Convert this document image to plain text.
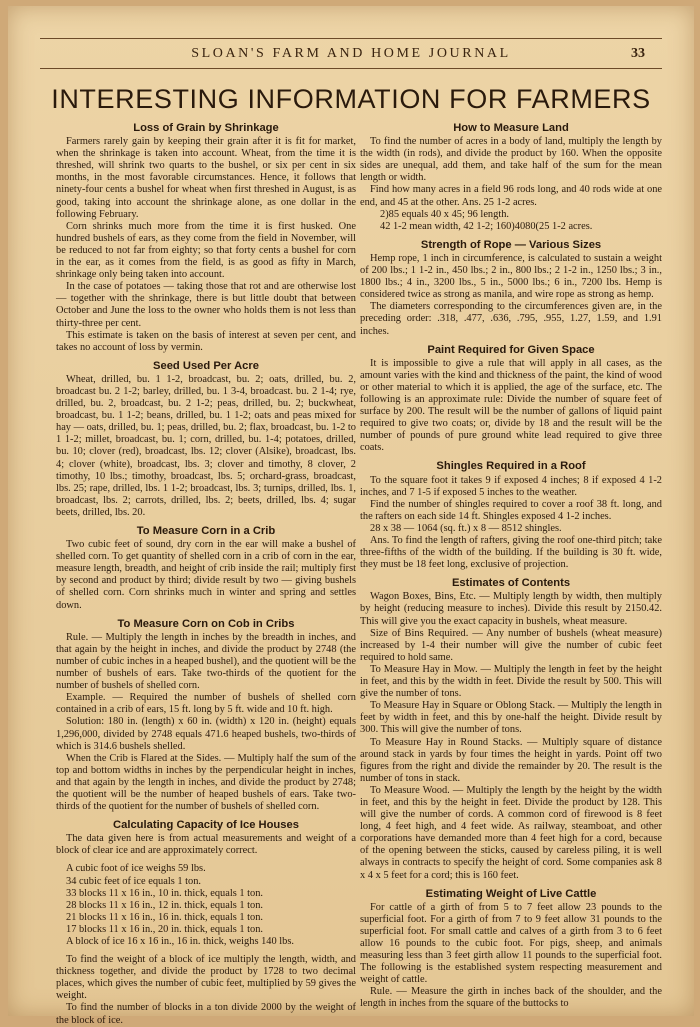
SLOAN'S FARM AND HOME JOURNAL	33
INTERESTING INFORMATION FOR FARMERS
Loss of Grain by Shrinkage

Farmers rarely gain by keeping their grain after it is fit for market, when the shrinkage is taken into account. Wheat, from the time it is threshed, will shrink two quarts to the bushel, or six per cent in six months, in the most favorable circumstances. Hence, it follows that ninety-four cents a bushel for wheat when first threshed in August, is as good, taking into account the shrinkage alone, as one dollar in the following February.

Corn shrinks much more from the time it is first husked. One hundred bushels of ears, as they come from the field in November, will be reduced to not far from eighty; so that forty cents a bushel for corn in the ear, as it comes from the field, is as good as fifty in March, shrinkage only being taken into account.

In the case of potatoes — taking those that rot and are otherwise lost — together with the shrinkage, there is but little doubt that between October and June the loss to the owner who holds them is not less than thirty-three per cent.

This estimate is taken on the basis of interest at seven per cent, and takes no account of loss by vermin.

Seed Used Per Acre

Wheat, drilled, bu. 1 1-2, broadcast, bu. 2; oats, drilled, bu. 2, broadcast bu. 2 1-2; barley, drilled, bu. 1 3-4, broadcast. bu. 2 1-4; rye, drilled, bu. 2, broadcast, bu. 2 1-2; peas, drilled, bu. 2; buckwheat, broadcast, bu. 1 1-2; beans, drilled, bu. 1 1-2; oats and peas mixed for hay — oats, drilled, bu. 1; peas, drilled, bu. 2; flax, broadcast, bu. 1-2 to 1 1-2; millet, broadcast, bu. 1; corn, drilled, bu. 1-4; potatoes, drilled, bu. 10; clover (red), broadcast, lbs. 12; clover (Alsike), broadcast, lbs. 4; clover (white), broadcast, lbs. 3; clover and timothy, 8 clover, 2 timothy, 10 lbs.; timothy, broadcast, lbs. 5; orchard-grass, broadcast, lbs. 25; rape, drilled, lbs. 1 1-2; broadcast, lbs. 3; turnips, drilled, lbs. 1, broadcast, lbs. 2; carrots, drilled, lbs. 2; beets, drilled, lbs. 4; sugar beets, drilled, lbs. 20.

To Measure Corn in a Crib

Two cubic feet of sound, dry corn in the ear will make a bushel of shelled corn. To get quantity of shelled corn in a crib of corn in the ear, measure length, breadth, and height of crib inside the rail; multiply first by second and product by third; divide result by two — giving bushels of shelled corn. Corn shrinks much in winter and spring and settles down.

To Measure Corn on Cob in Cribs

Rule. — Multiply the length in inches by the breadth in inches, and that again by the height in inches, and divide the product by 2748 (the number of cubic inches in a heaped bushel), and the quotient will be the number of bushels of ears. Take two-thirds of the quotient for the number of bushels of shelled corn.

Example. — Required the number of bushels of shelled corn contained in a crib of ears, 15 ft. long by 5 ft. wide and 10 ft. high.

Solution: 180 in. (length) x 60 in. (width) x 120 in. (height) equals 1,296,000, divided by 2748 equals 471.6 heaped bushels, two-thirds of which is 314.6 bushels shelled.

When the Crib is Flared at the Sides. — Multiply half the sum of the top and bottom widths in inches by the perpendicular height in inches, and that again by the length in inches, and divide the product by 2748; the quotient will be the number of heaped bushels of ears. Take two-thirds of the quotient for the number of bushels of shelled corn.

Calculating Capacity of Ice Houses

The data given here is from actual measurements and weight of a block of clear ice and are approximately correct.

A cubic foot of ice weighs 59 lbs.
34 cubic feet of ice equals 1 ton.
33 blocks 11 x 16 in., 10 in. thick, equals 1 ton.
28 blocks 11 x 16 in., 12 in. thick, equals 1 ton.
21 blocks 11 x 16 in., 16 in. thick, equals 1 ton.
17 blocks 11 x 16 in., 20 in. thick, equals 1 ton.
A block of ice 16 x 16 in., 16 in. thick, weighs 140 lbs.

To find the weight of a block of ice multiply the length, width, and thickness together, and divide the product by 1728 to two decimal places, which gives the number of cubic feet, multiplied by 59 gives the weight.

To find the number of blocks in a ton divide 2000 by the weight of the block of ice.

How to Measure Land

To find the number of acres in a body of land, multiply the length by the width (in rods), and divide the product by 160. When the opposite sides are unequal, add them, and take half of the sum for the mean length or width.

Find how many acres in a field 96 rods long, and 40 rods wide at one end, and 45 at the other. Ans. 25 1-2 acres.

2)85 equals 40 x 45; 96 length.
42 1-2 mean width, 42 1-2; 160)4080(25 1-2 acres.
Strength of Rope — Various Sizes

Hemp rope, 1 inch in circumference, is calculated to sustain a weight of 200 lbs.; 1 1-2 in., 450 lbs.; 2 in., 800 lbs.; 2 1-2 in., 1250 lbs.; 3 in., 1800 lbs.; 4 in., 3200 lbs., 5 in., 5000 lbs.; 6 in., 7200 lbs. Hemp is considered twice as strong as manila, and wire rope as strong as hemp.

The diameters corresponding to the circumferences given are, in the preceding order: .318, .477, .636, .795, .955, 1.27, 1.59, and 1.91 inches.

Paint Required for Given Space

It is impossible to give a rule that will apply in all cases, as the amount varies with the kind and thickness of the paint, the kind of wood or other material to which it is applied, the age of the surface, etc. The following is an approximate rule: Divide the number of square feet of surface by 200. The result will be the number of gallons of liquid paint required to give two coats; or, divide by 18 and the result will be the number of pounds of pure ground white lead required to give three coats.

Shingles Required in a Roof

To the square foot it takes 9 if exposed 4 inches; 8 if exposed 4 1-2 inches, and 7 1-5 if exposed 5 inches to the weather.

Find the number of shingles required to cover a roof 38 ft. long, and the rafters on each side 14 ft. Shingles exposed 4 1-2 inches.

28 x 38 — 1064 (sq. ft.) x 8 — 8512 shingles.

Ans. To find the length of rafters, giving the roof one-third pitch; take three-fifths of the width of the building. If the building is 30 ft. wide, they must be 18 feet long, exclusive of projection.

Estimates of Contents

Wagon Boxes, Bins, Etc. — Multiply length by width, then multiply by height (reducing measure to inches). Divide this result by 2150.42. This will give you the exact capacity in bushels, wheat measure.

Size of Bins Required. — Any number of bushels (wheat measure) increased by 1-4 their number will give the number of cubic feet required to hold same.

To Measure Hay in Mow. — Multiply the length in feet by the height in feet, and this by the width in feet. Divide the result by 500. This will give the number of tons.

To Measure Hay in Square or Oblong Stack. — Multiply the length in feet by width in feet, and this by one-half the height. Divide result by 300. This will give the number of tons.

To Measure Hay in Round Stacks. — Multiply square of distance around stack in yards by four times the height in yards. Point off two figures from the right and divide the remainder by 20. The result is the number of tons in stack.

To Measure Wood. — Multiply the length by the height by the width in feet, and this by the height in feet. Divide the product by 128. This will give the number of cords. A common cord of firewood is 8 feet long, 4 feet high, and 4 feet wide. As railway, steamboat, and other corporations have demanded more than 4 feet high for a cord, because of the opening between the sticks, caused by careless piling, it is well always in contracts to specify the height of cord. Some companies ask 8 x 4 x 5 feet for a cord; this is 160 feet.

Estimating Weight of Live Cattle

For cattle of a girth of from 5 to 7 feet allow 23 pounds to the superficial foot. For a girth of from 7 to 9 feet allow 31 pounds to the superficial foot. For small cattle and calves of a girth from 3 to 6 feet allow 16 pounds to the cubic foot. For pigs, sheep, and animals measuring less than 3 feet girth allow 11 pounds to the superficial foot. The following is the established system respecting measurement and weight of cattle.

Rule. — Measure the girth in inches back of the shoulder, and the length in inches from the square of the buttocks to
